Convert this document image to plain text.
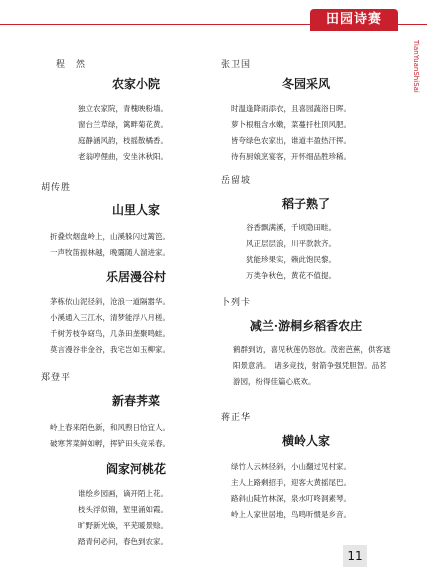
田园诗赛
TianYuanShiSai
程　然
农家小院
独立农家院，青槐映粉墙。
窗台兰草绿，篱畔菊花黄。
庭静涵风韵，枝摇散橘香。
老翁哼俚曲，安坐沐秋阳。
胡传胜
山里人家
折叠炊烟盘岭上，山溪躲闪过篱笆。
一声牧笛振林越，晚霭随人溜进家。
乐居漫谷村
茅栋依山泥径斜，沧浪一道隔嚣华。
小溪通入三江水，清梦能浮八月槎。
千树芳枝争窈鸟，几条田垄聚鸣蛙。
莫言漫谷非金谷，我宅岂如玉柳家。
郑登平
新春荠菜
岭上春来陌色新，和风煦日恰宜人。
破寒荠菜鲜如孵，挥铲田头竞采春。
阎家河桃花
谁绘乡园画，谪开陌上花。
枝头浮似锦，堑里涌如霞。
旷野新光焕，平芜暖景赊。
踏青何必问，春色到农家。
张卫国
冬园采风
时温逢降雨添衣，且喜园蔬浴日晖。
萝卜根粗含水嫩，菜蔓扦杜顶风肥。
皆夸绿色农家出，谁道丰盈热汗挥。
待有厨娘烹宴客，开怀细品胜珍稀。
岳留坡
稻子熟了
谷香飘满溪，千顷隐田畦。
风正层层浪，川平款款齐。
犹能珍果实，赖此饱民黎。
万类争秋色，黄花不值提。
卜列卡
减兰·游桐乡稻香农庄
鹤群到访，喜见秋莲仍怒放。茂密芭蕉，供客遮阳景意消。　诸多竞技，射箭争强凭胆智。品茗游园，纷得佳篇心底欢。
蒋正华
横岭人家
绿竹人云林径斜，小山翻过见村家。
主人上路剩招手，迎客大黄摇尾巴。
路斜山陡竹林深，泉水叮咚洞素琴。
岭上人家世居地，鸟鸣听惯是乡音。
11
